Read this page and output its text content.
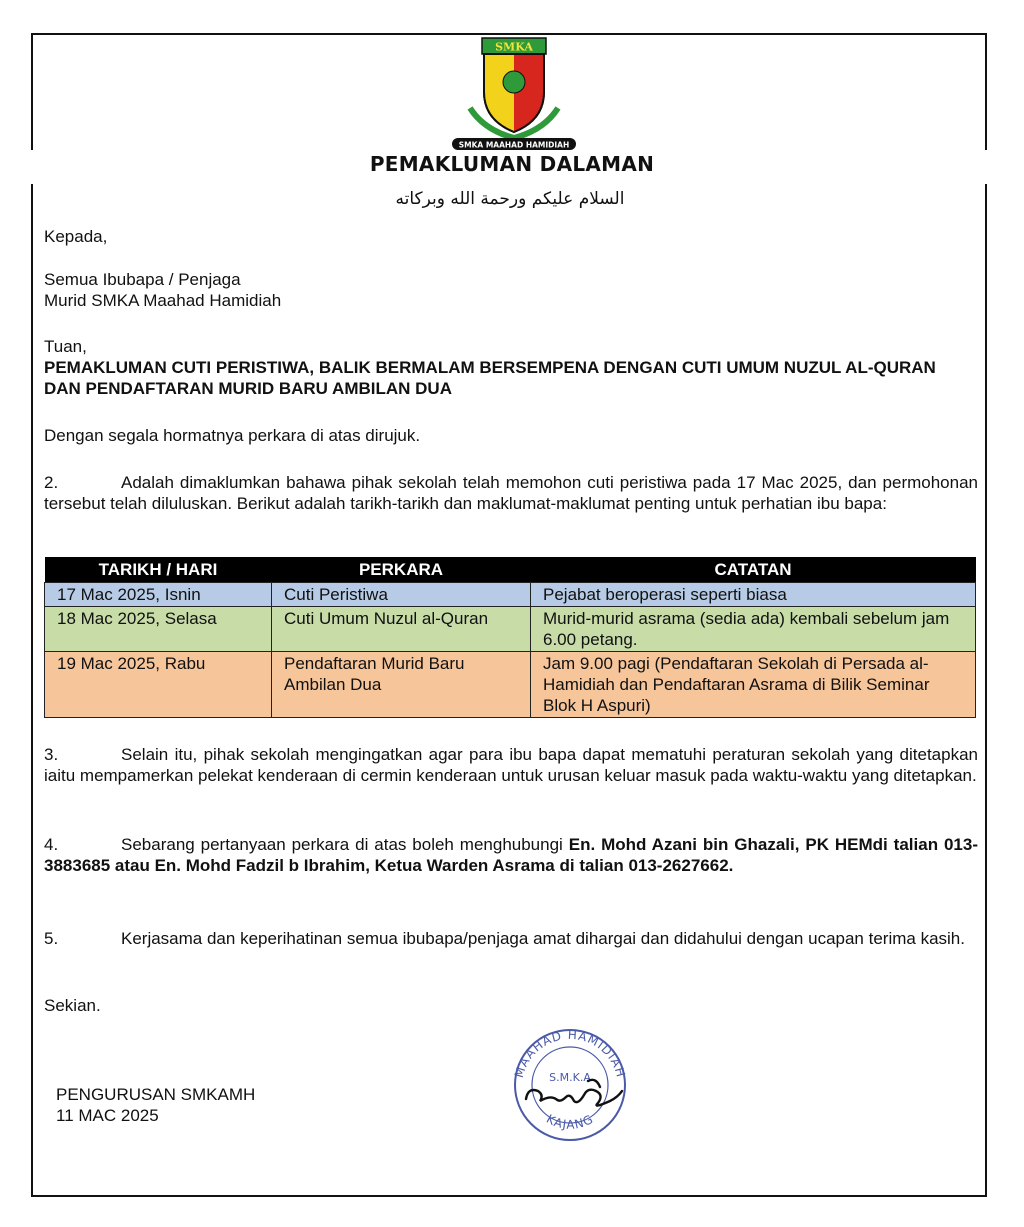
SMKA
SMKA MAAHAD HAMIDIAH
PEMAKLUMAN DALAMAN
السلام عليكم ورحمة الله وبركاته
Kepada,
Semua Ibubapa / Penjaga
Murid SMKA Maahad Hamidiah
Tuan,
PEMAKLUMAN CUTI PERISTIWA, BALIK BERMALAM BERSEMPENA DENGAN CUTI UMUM NUZUL AL-QURAN DAN PENDAFTARAN MURID BARU AMBILAN DUA
Dengan segala hormatnya perkara di atas dirujuk.
2.	Adalah dimaklumkan bahawa pihak sekolah telah memohon cuti peristiwa pada 17 Mac 2025, dan permohonan tersebut telah diluluskan. Berikut adalah tarikh-tarikh dan maklumat-maklumat penting untuk perhatian ibu bapa:
TARIKH / HARI	PERKARA	CATATAN
17 Mac 2025, Isnin	Cuti Peristiwa	Pejabat beroperasi seperti biasa
18 Mac 2025, Selasa	Cuti Umum Nuzul al-Quran	Murid-murid asrama (sedia ada) kembali sebelum jam 6.00 petang.
19 Mac 2025, Rabu	Pendaftaran Murid Baru Ambilan Dua	Jam 9.00 pagi (Pendaftaran Sekolah di Persada al-Hamidiah dan Pendaftaran Asrama di Bilik Seminar Blok H Aspuri)
3.	Selain itu, pihak sekolah mengingatkan agar para ibu bapa dapat mematuhi peraturan sekolah yang ditetapkan iaitu mempamerkan pelekat kenderaan di cermin kenderaan untuk urusan keluar masuk pada waktu-waktu yang ditetapkan.
4.	Sebarang pertanyaan perkara di atas boleh menghubungi En. Mohd Azani bin Ghazali, PK HEMdi talian 013-3883685 atau En. Mohd Fadzil b Ibrahim, Ketua Warden Asrama di talian 013-2627662.
5.	Kerjasama dan keperihatinan semua ibubapa/penjaga amat dihargai dan didahului dengan ucapan terima kasih.
Sekian.
PENGURUSAN SMKAMH
11 MAC 2025
MAAHAD HAMIDIAH
S.M.K.A
KAJANG
